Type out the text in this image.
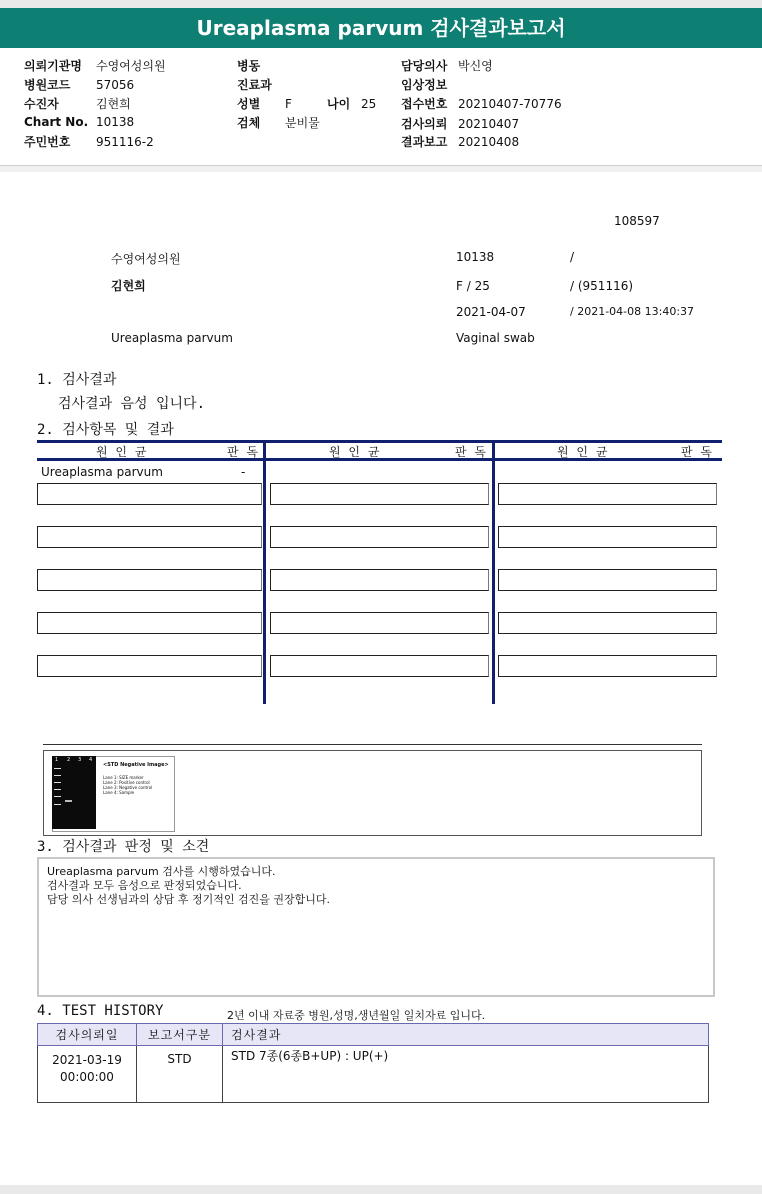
Ureaplasma parvum 검사결과보고서
의뢰기관명 수영여성의원
병원코드 57056
수진자	김현희
Chart No. 10138
주민번호 951116-2
병동
진료과
성별 F	나이 25
검체 분비물
담당의사 박신영
임상정보
접수번호 20210407-70776
검사의뢰 20210407
결과보고 20210408
108597
수영여성의원	10138	/
김현희	F / 25	/ (951116)
2021-04-07	/ 2021-04-08 13:40:37
Ureaplasma parvum	Vaginal swab
1. 검사결과
검사결과 음성 입니다.
2. 검사항목 및 결과
원 인 균	판 독	원 인 균	판 독	원 인 균	판 독
Ureaplasma parvum	-
<STD Negative Image>
Lane 1: SIZE marker
Lane 2: Positive control
Lane 3: Negative control
Lane 4: Sample
1 2 3 4
3. 검사결과 판정 및 소견
Ureaplasma parvum 검사를 시행하였습니다.
검사결과 모두 음성으로 판정되었습니다.
담당 의사 선생님과의 상담 후 정기적인 검진을 권장합니다.
4. TEST HISTORY	2년 이내 자료중 병원,성명,생년월일 일치자료 입니다.
검사의뢰일	보고서구분	검사결과

2021-03-19
00:00:00	STD	STD 7종(6종B+UP) : UP(+)
